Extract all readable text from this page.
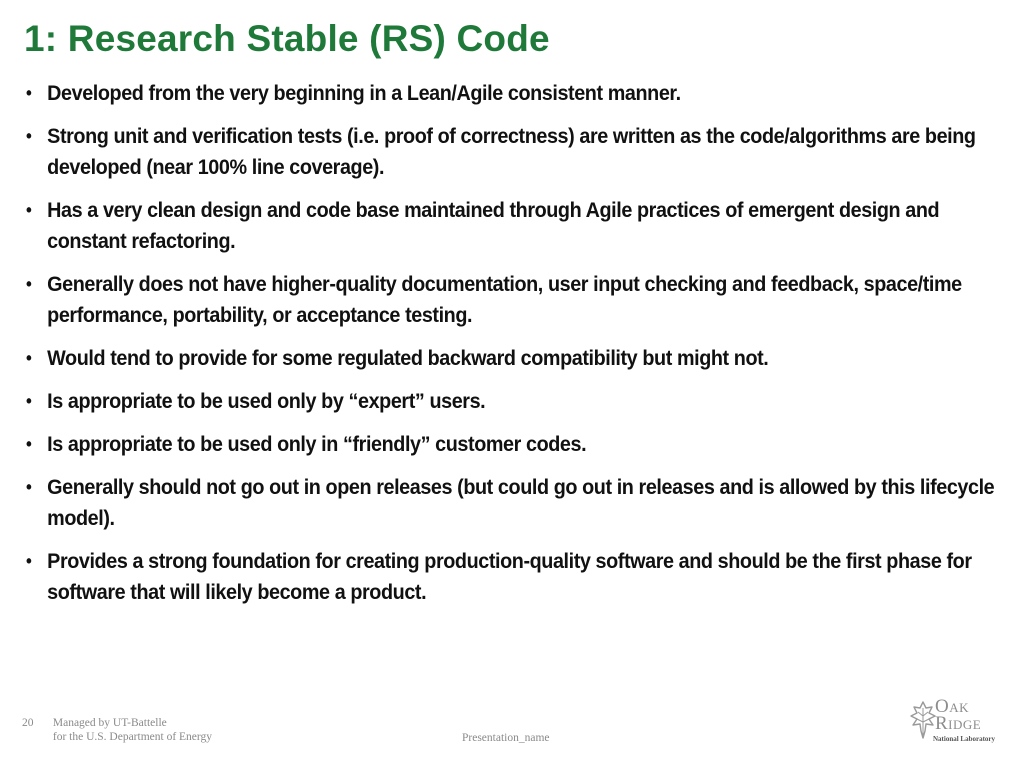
1: Research Stable (RS) Code
• Developed from the very beginning in a Lean/Agile consistent manner.
• Strong unit and verification tests (i.e. proof of correctness) are written as the code/algorithms are being developed (near 100% line coverage).
• Has a very clean design and code base maintained through Agile practices of emergent design and constant refactoring.
• Generally does not have higher-quality documentation, user input checking and feedback, space/time performance, portability, or acceptance testing.
• Would tend to provide for some regulated backward compatibility but might not.
• Is appropriate to be used only by “expert” users.
• Is appropriate to be used only in “friendly” customer codes.
• Generally should not go out in open releases (but could go out in releases and is allowed by this lifecycle model).
• Provides a strong foundation for creating production-quality software and should be the first phase for software that will likely become a product.
20 Managed by UT-Battelle
for the U.S. Department of Energy	Presentation_name
Oak
Ridge
National Laboratory
